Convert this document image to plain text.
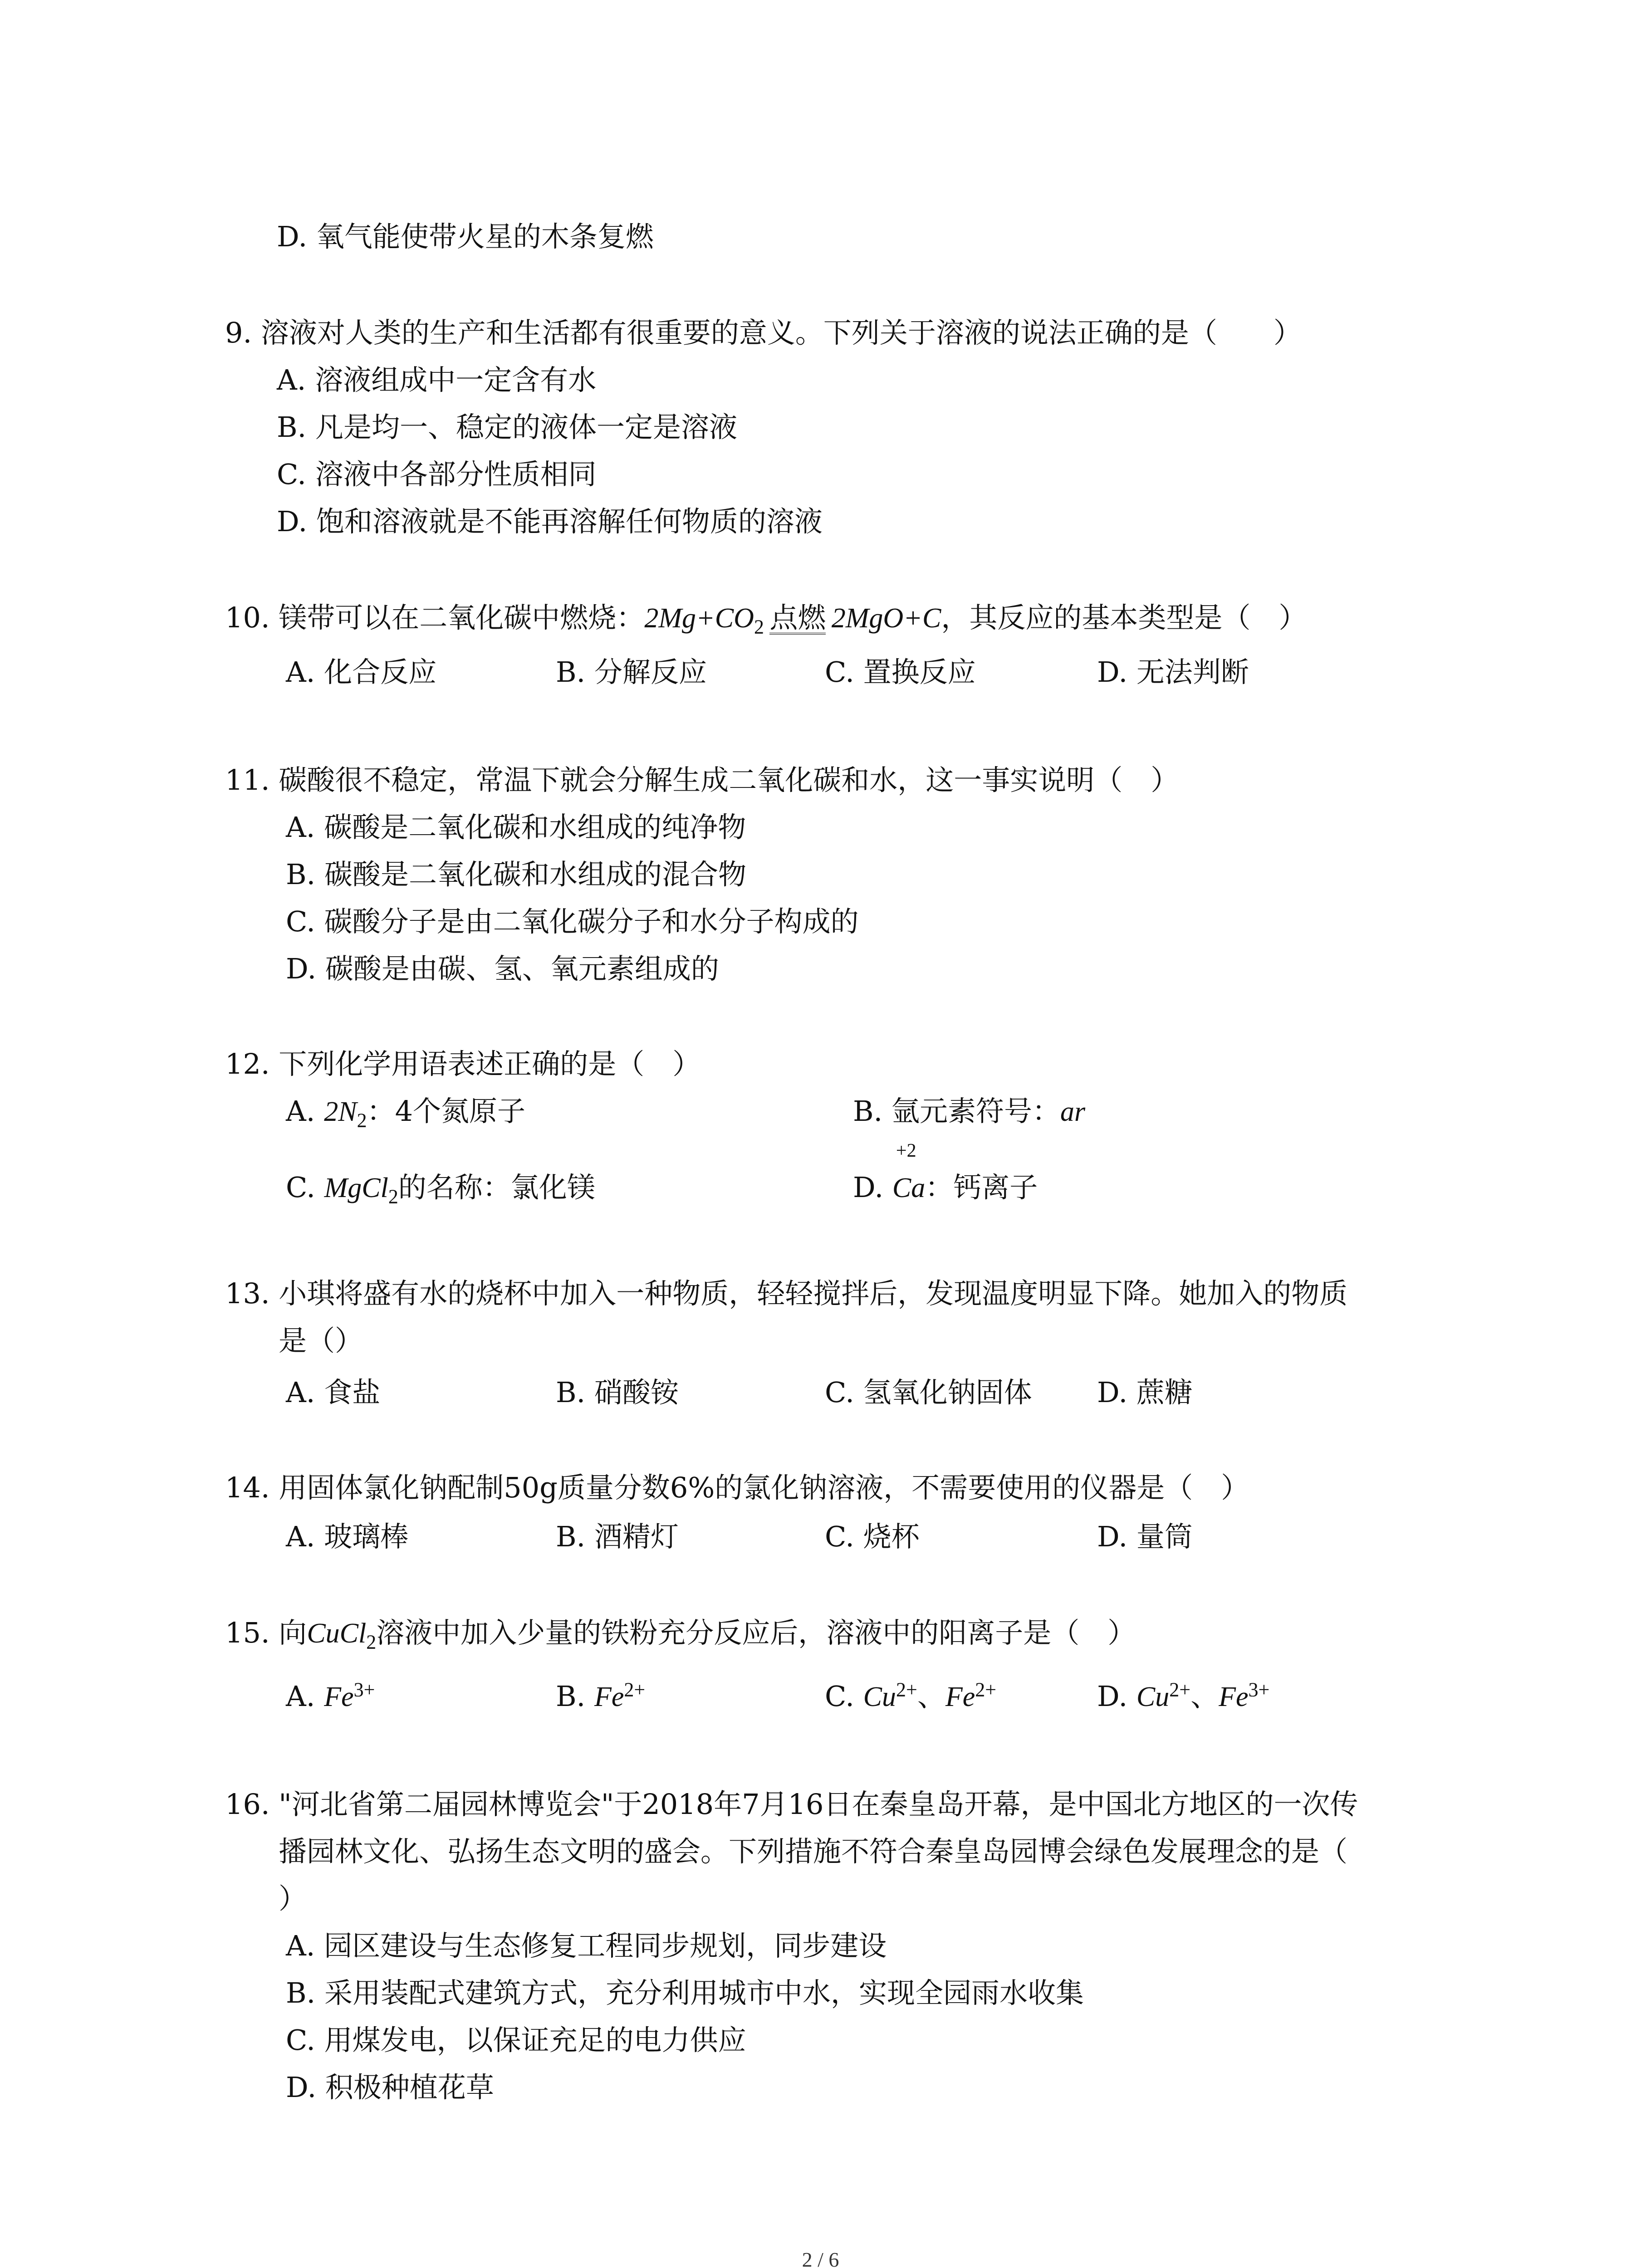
D. 氧气能使带火星的木条复燃
9. 溶液对人类的生产和生活都有很重要的意义。下列关于溶液的说法正确的是（　　）
A. 溶液组成中一定含有水
B. 凡是均一、稳定的液体一定是溶液
C. 溶液中各部分性质相同
D. 饱和溶液就是不能再溶解任何物质的溶液
10. 镁带可以在二氧化碳中燃烧：$2Mg+CO_2$  点燃  2MgO+C，其反应的基本类型是（　）
A. 化合反应	B. 分解反应	C. 置换反应	D. 无法判断
11. 碳酸很不稳定，常温下就会分解生成二氧化碳和水，这一事实说明（　）
A. 碳酸是二氧化碳和水组成的纯净物
B. 碳酸是二氧化碳和水组成的混合物
C. 碳酸分子是由二氧化碳分子和水分子构成的
D. 碳酸是由碳、氢、氧元素组成的
12. 下列化学用语表述正确的是（　）
A. $2N_2$：4个氮原子	B. 氩元素符号：ar
C. MgCl$_2$的名称：氯化镁	D.
+2
Ca：钙离子
13. 小琪将盛有水的烧杯中加入一种物质，轻轻搅拌后，发现温度明显下降。她加入的物质
是（）
A. 食盐	B. 硝酸铵	C. 氢氧化钠固体 D. 蔗糖
14. 用固体氯化钠配制50g质量分数6%的氯化钠溶液，不需要使用的仪器是（　）
A. 玻璃棒	B. 酒精灯	C. 烧杯	D. 量筒
15. 向CuCl$_2$溶液中加入少量的铁粉充分反应后，溶液中的阳离子是（　）
A. $Fe^{3+}$	B. $Fe^{2+}$	C. $Cu^{2+}$、$Fe^{2+}$	D. $Cu^{2+}$、$Fe^{3+}$
16. "河北省第二届园林博览会"于2018年7月16日在秦皇岛开幕，是中国北方地区的一次传
播园林文化、弘扬生态文明的盛会。下列措施不符合秦皇岛园博会绿色发展理念的是（
）
A. 园区建设与生态修复工程同步规划，同步建设
B. 采用装配式建筑方式，充分利用城市中水，实现全园雨水收集
C. 用煤发电，以保证充足的电力供应
D. 积极种植花草
2 / 6
